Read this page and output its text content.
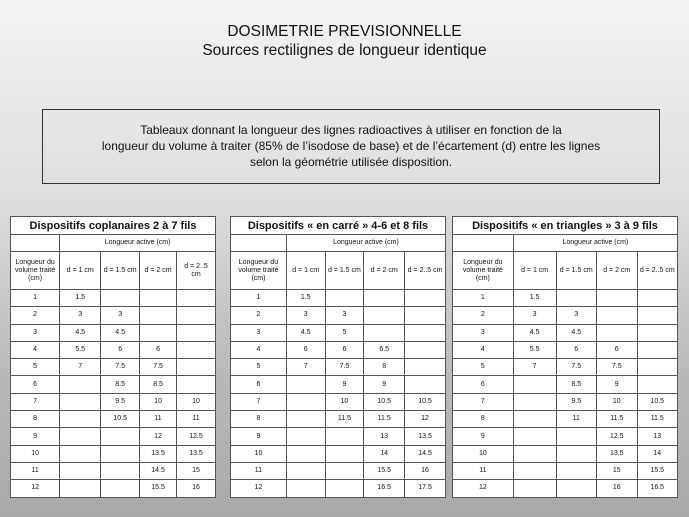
DOSIMETRIE PREVISIONNELLE
Sources rectilignes de longueur identique
Tableaux donnant la longueur des lignes radioactives à utiliser en fonction de la
longueur du volume à traiter (85% de l’isodose de base) et de l’écartement (d) entre les lignes
selon la géométrie utilisée disposition.
Dispositifs coplanaires 2 à 7 fils				
	Longueur active (cm)			
Longueur du volume traité (cm)	d = 1 cm	d = 1.5 cm	d = 2 cm	d = 2..5 cm
1	1.5			
2	3	3		
3	4.5	4.5		
4	5.5	6	6	
5	7	7.5	7.5	
6		8.5	8.5	
7		9.5	10	10
8		10.5	11	11
9			12	12.5
10			13.5	13.5
11			14.5	15
12			15.5	16
Dispositifs « en carré » 4-6 et 8 fils				
	Longueur active (cm)			
Longueur du volume traité (cm)	d = 1 cm	d = 1.5 cm	d = 2 cm	d = 2..5 cm
1	1.5			
2	3	3		
3	4.5	5		
4	6	6	6.5	
5	7	7.5	8	
6		9	9	
7		10	10.5	10.5
8		11.5	11.5	12
9			13	13.5
10			14	14.5
11			15.5	16
12			16.5	17.5
Dispositifs « en triangles » 3 à 9 fils				
	Longueur active (cm)			
Longueur du volume traité (cm)	d = 1 cm	d = 1.5 cm	d = 2 cm	d = 2..5 cm
1	1.5			
2	3	3		
3	4.5	4.5		
4	5.5	6	6	
5	7	7.5	7.5	
6		8.5	9	
7		9.5	10	10.5
8		11	11.5	11.5
9			12.5	13
10			13.5	14
11			15	15.5
12			16	16.5
